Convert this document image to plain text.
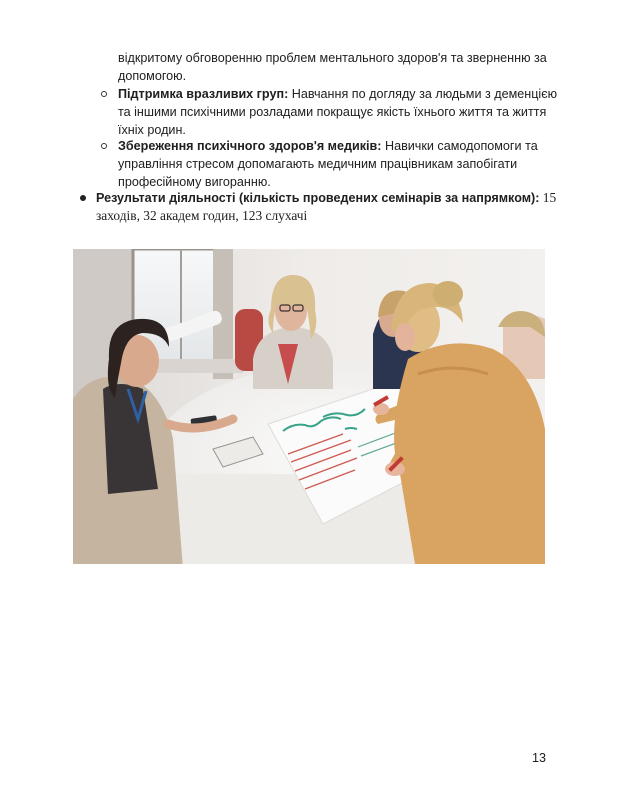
відкритому обговоренню проблем ментального здоров'я та зверненню за
допомогою.
Підтримка вразливих груп: Навчання по догляду за людьми з деменцією
та іншими психічними розладами покращує якість їхнього життя та життя
їхніх родин.
Збереження психічного здоров'я медиків: Навички самодопомоги та
управління стресом допомагають медичним працівникам запобігати
професійному вигоранню.
Результати діяльності (кількість проведених семінарів за напрямком): 15
заходів, 32 академ годин, 123 слухачі
13
